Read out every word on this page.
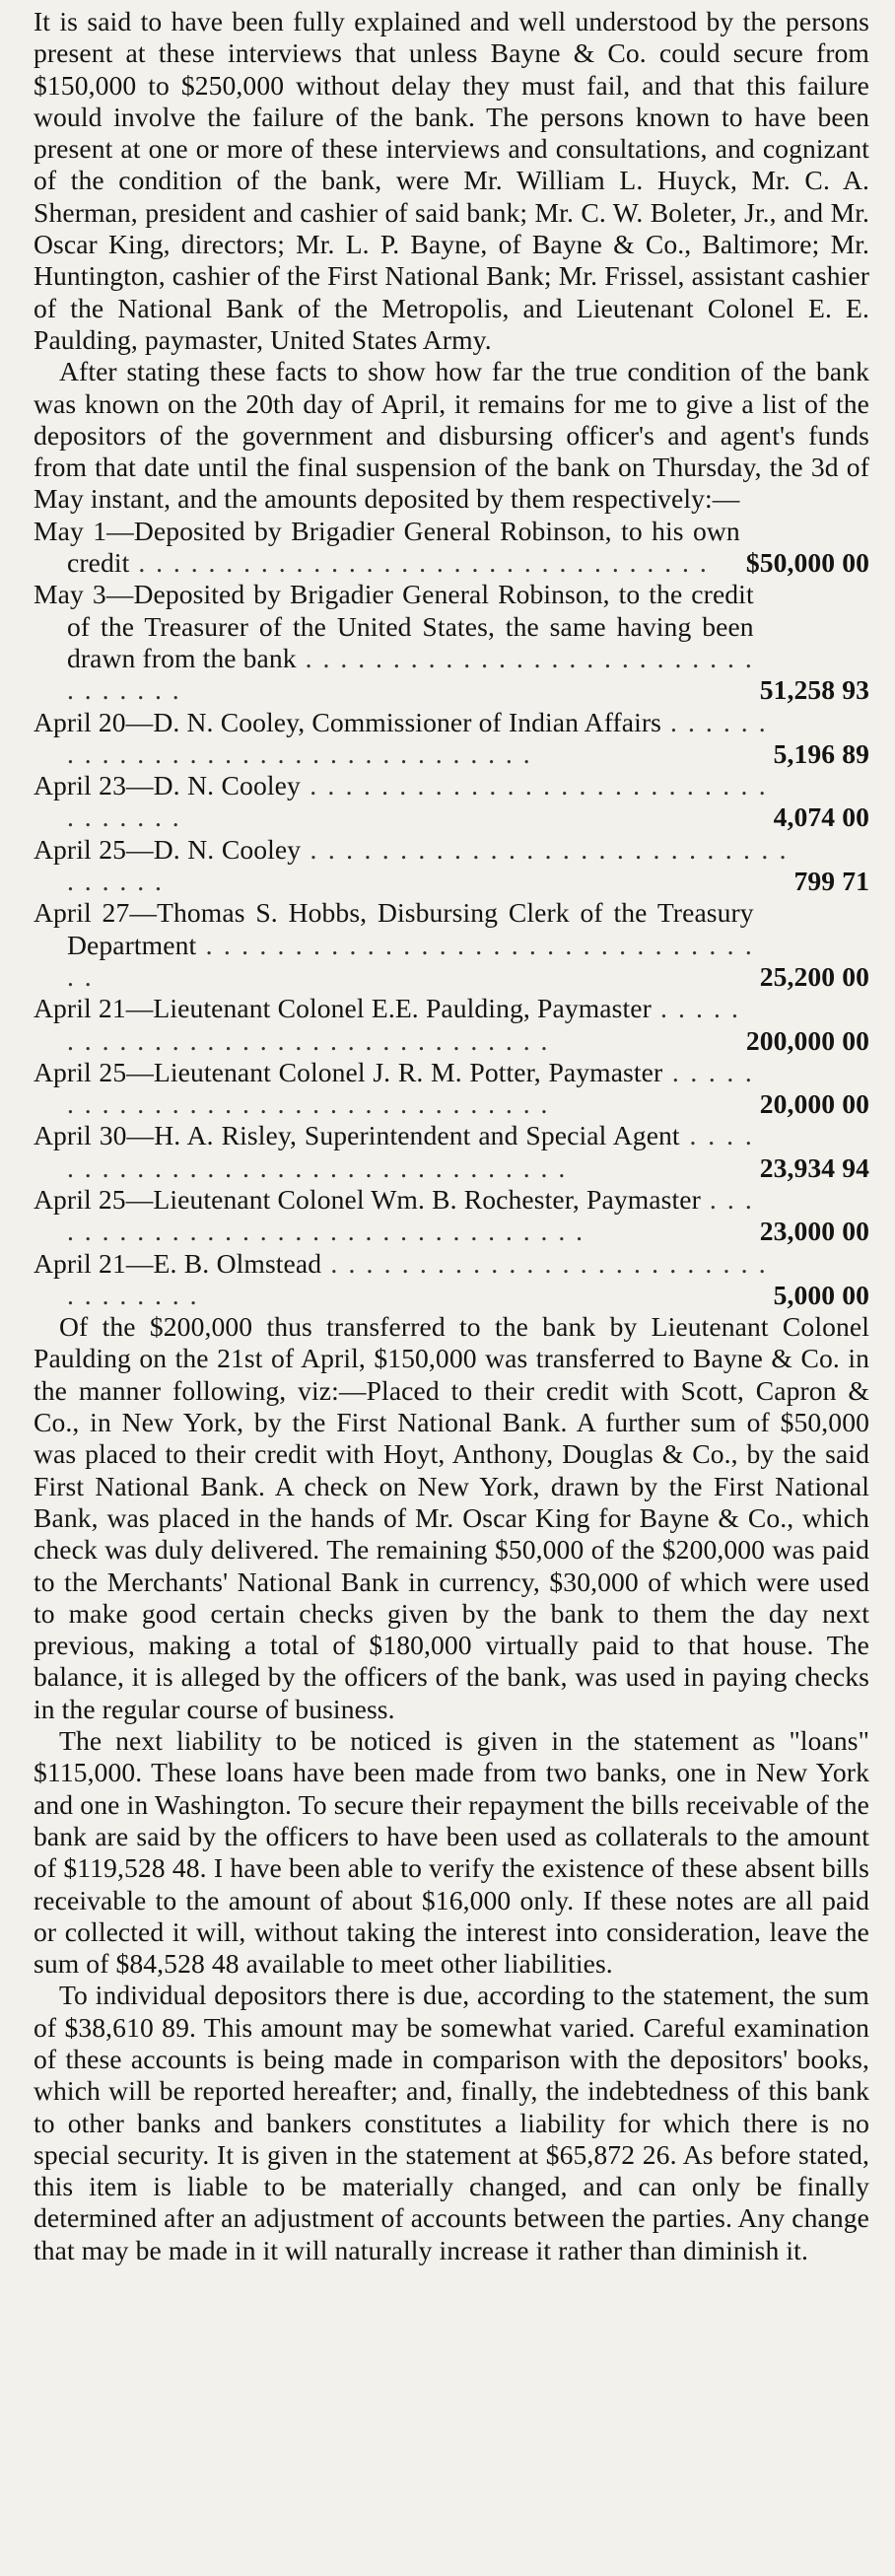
It is said to have been fully explained and well understood by the persons present at these interviews that unless Bayne & Co. could secure from $150,000 to $250,000 without delay they must fail, and that this failure would involve the failure of the bank. The persons known to have been present at one or more of these interviews and consultations, and cognizant of the condition of the bank, were Mr. William L. Huyck, Mr. C. A. Sherman, president and cashier of said bank; Mr. C. W. Boleter, Jr., and Mr. Oscar King, directors; Mr. L. P. Bayne, of Bayne & Co., Baltimore; Mr. Huntington, cashier of the First National Bank; Mr. Frissel, assistant cashier of the National Bank of the Metropolis, and Lieutenant Colonel E. E. Paulding, paymaster, United States Army.

After stating these facts to show how far the true condition of the bank was known on the 20th day of April, it remains for me to give a list of the depositors of the government and disbursing officer's and agent's funds from that date until the final suspension of the bank on Thursday, the 3d of May instant, and the amounts deposited by them respectively:—

May 1—Deposited by Brigadier General Robinson, to his own credit . . .	$50,000 00
May 3—Deposited by Brigadier General Robinson, to the credit of the Treasurer of the United States, the same having been drawn from the bank . . .
51,258 93
April 20—D. N. Cooley, Commissioner of Indian Affairs . . .
5,196 89
April 23—D. N. Cooley . . .
4,074 00
April 25—D. N. Cooley . . .
799 71
April 27—Thomas S. Hobbs, Disbursing Clerk of the Treasury Department . . .
25,200 00
April 21—Lieutenant Colonel E.E. Paulding, Paymaster . . .
200,000 00
April 25—Lieutenant Colonel J. R. M. Potter, Paymaster . . .
20,000 00
April 30—H. A. Risley, Superintendent and Special Agent . . .
23,934 94
April 25—Lieutenant Colonel Wm. B. Rochester, Paymaster . . .
23,000 00
April 21—E. B. Olmstead . . .
5,000 00

Of the $200,000 thus transferred to the bank by Lieutenant Colonel Paulding on the 21st of April, $150,000 was transferred to Bayne & Co. in the manner following, viz:—Placed to their credit with Scott, Capron & Co., in New York, by the First National Bank. A further sum of $50,000 was placed to their credit with Hoyt, Anthony, Douglas & Co., by the said First National Bank. A check on New York, drawn by the First National Bank, was placed in the hands of Mr. Oscar King for Bayne & Co., which check was duly delivered. The remaining $50,000 of the $200,000 was paid to the Merchants' National Bank in currency, $30,000 of which were used to make good certain checks given by the bank to them the day next previous, making a total of $180,000 virtually paid to that house. The balance, it is alleged by the officers of the bank, was used in paying checks in the regular course of business.

The next liability to be noticed is given in the statement as "loans" $115,000. These loans have been made from two banks, one in New York and one in Washington. To secure their repayment the bills receivable of the bank are said by the officers to have been used as collaterals to the amount of $119,528 48. I have been able to verify the existence of these absent bills receivable to the amount of about $16,000 only. If these notes are all paid or collected it will, without taking the interest into consideration, leave the sum of $84,528 48 available to meet other liabilities.

To individual depositors there is due, according to the statement, the sum of $38,610 89. This amount may be somewhat varied. Careful examination of these accounts is being made in comparison with the depositors' books, which will be reported hereafter; and, finally, the indebtedness of this bank to other banks and bankers constitutes a liability for which there is no special security. It is given in the statement at $65,872 26. As before stated, this item is liable to be materially changed, and can only be finally determined after an adjustment of accounts between the parties. Any change that may be made in it will naturally increase it rather than diminish it.
